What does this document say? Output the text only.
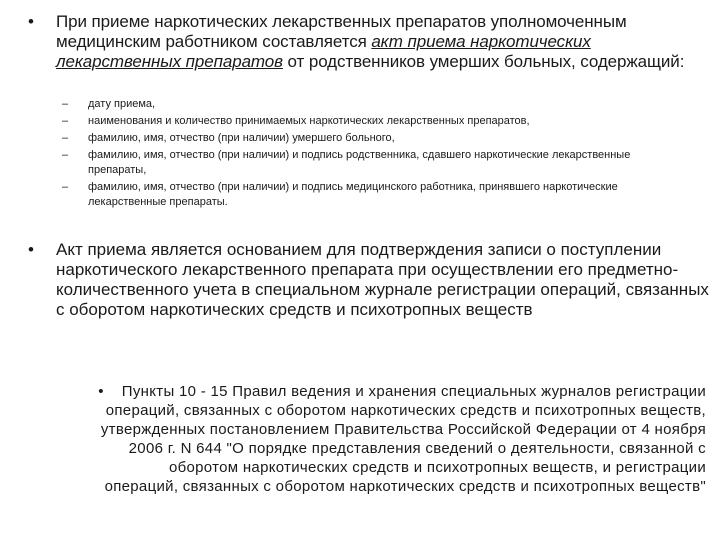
• При приеме наркотических лекарственных препаратов уполномоченным медицинским работником составляется акт приема наркотических лекарственных препаратов от родственников умерших больных, содержащий:
– дату приема,
– наименования и количество принимаемых наркотических лекарственных препаратов,
– фамилию, имя, отчество (при наличии) умершего больного,
– фамилию, имя, отчество (при наличии) и подпись родственника, сдавшего наркотические лекарственные препараты,
– фамилию, имя, отчество (при наличии) и подпись медицинского работника, принявшего наркотические лекарственные препараты.
• Акт приема является основанием для подтверждения записи о поступлении наркотического лекарственного препарата при осуществлении его предметно-количественного учета в специальном журнале регистрации операций, связанных с оборотом наркотических средств и психотропных веществ
• Пункты 10 - 15 Правил ведения и хранения специальных журналов регистрации
операций, связанных с оборотом наркотических средств и психотропных веществ,
утвержденных постановлением Правительства Российской Федерации от 4 ноября
2006 г. N 644 "О порядке представления сведений о деятельности, связанной с
оборотом наркотических средств и психотропных веществ, и регистрации
операций, связанных с оборотом наркотических средств и психотропных веществ"
